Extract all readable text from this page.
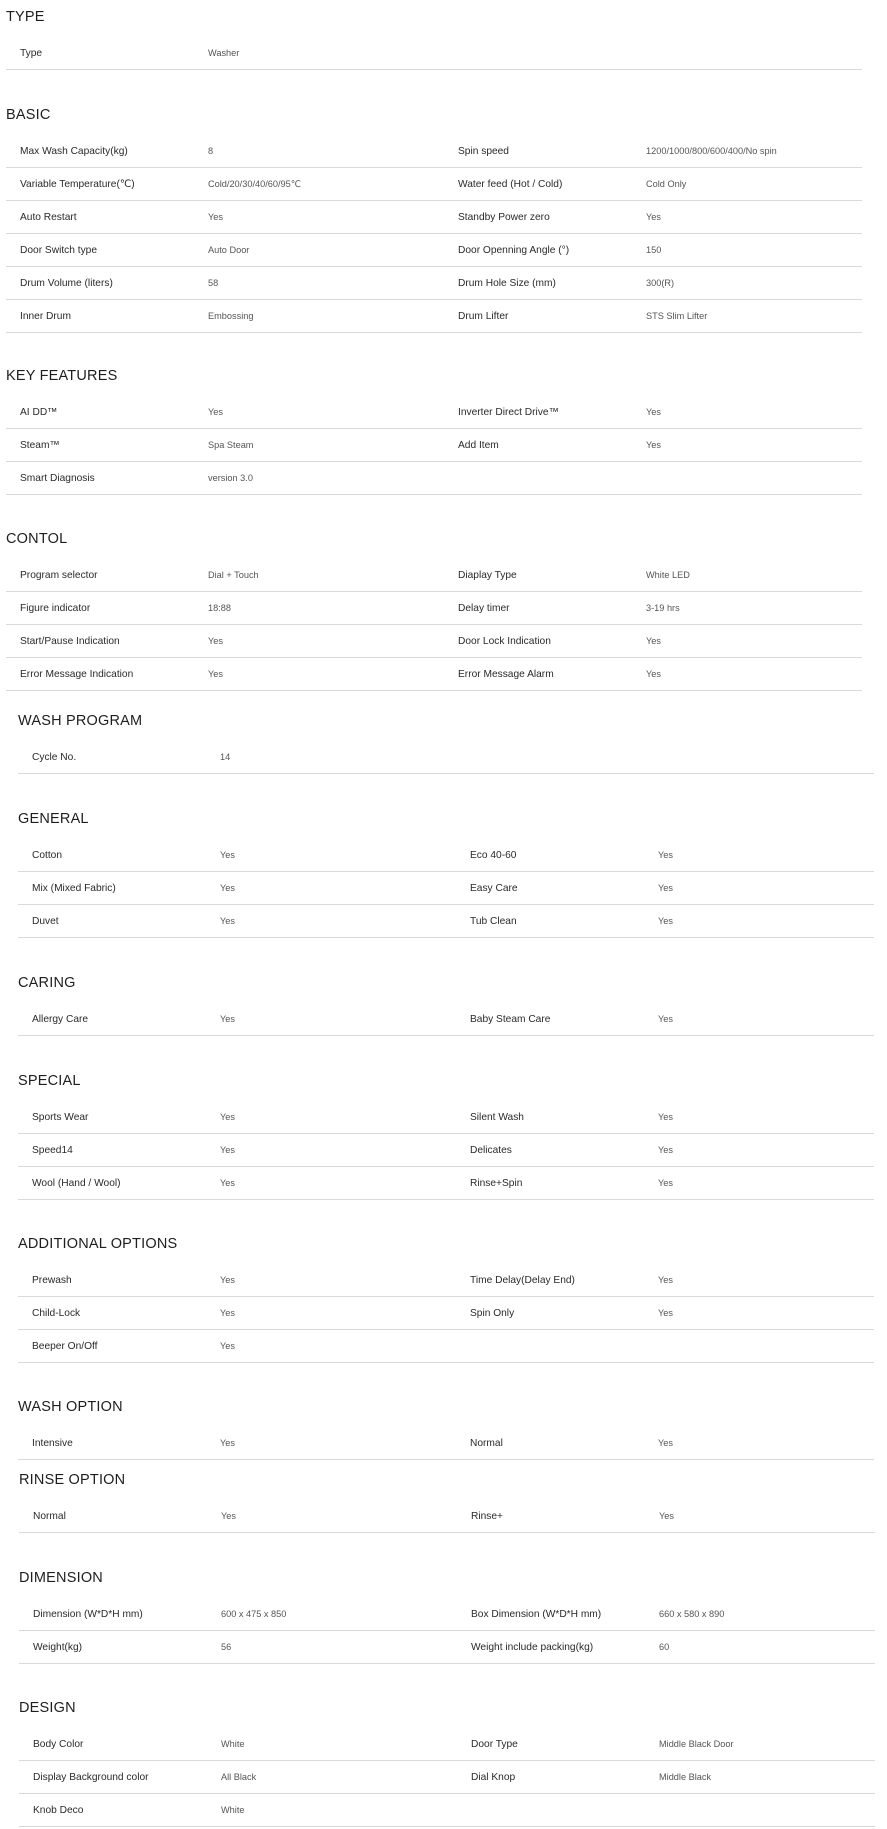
TYPE
Type	Washer
BASIC
Max Wash Capacity(kg)	8	Spin speed	1200/1000/800/600/400/No spin
Variable Temperature(℃)	Cold/20/30/40/60/95℃	Water feed (Hot / Cold)	Cold Only
Auto Restart	Yes	Standby Power zero	Yes
Door Switch type	Auto Door	Door Openning Angle (°)	150
Drum Volume (liters)	58	Drum Hole Size (mm)	300(R)
Inner Drum	Embossing	Drum Lifter	STS Slim Lifter
KEY FEATURES
AI DD™	Yes	Inverter Direct Drive™	Yes
Steam™	Spa Steam	Add Item	Yes
Smart Diagnosis	version 3.0
CONTOL
Program selector	Dial + Touch	Diaplay Type	White LED
Figure indicator	18:88	Delay timer	3-19 hrs
Start/Pause Indication	Yes	Door Lock Indication	Yes
Error Message Indication	Yes	Error Message Alarm	Yes
WASH PROGRAM
Cycle No.	14
GENERAL
Cotton	Yes	Eco 40-60	Yes
Mix (Mixed Fabric)	Yes	Easy Care	Yes
Duvet	Yes	Tub Clean	Yes
CARING
Allergy Care	Yes	Baby Steam Care	Yes
SPECIAL
Sports Wear	Yes	Silent Wash	Yes
Speed14	Yes	Delicates	Yes
Wool (Hand / Wool)	Yes	Rinse+Spin	Yes
ADDITIONAL OPTIONS
Prewash	Yes	Time Delay(Delay End)	Yes
Child-Lock	Yes	Spin Only	Yes
Beeper On/Off	Yes
WASH OPTION
Intensive	Yes	Normal	Yes
RINSE OPTION
Normal	Yes	Rinse+	Yes
DIMENSION
Dimension (W*D*H mm)	600 x 475 x 850	Box Dimension (W*D*H mm)	660 x 580 x 890
Weight(kg)	56	Weight include packing(kg)	60
DESIGN
Body Color	White	Door Type	Middle Black Door
Display Background color	All Black	Dial Knop	Middle Black
Knob Deco	White
